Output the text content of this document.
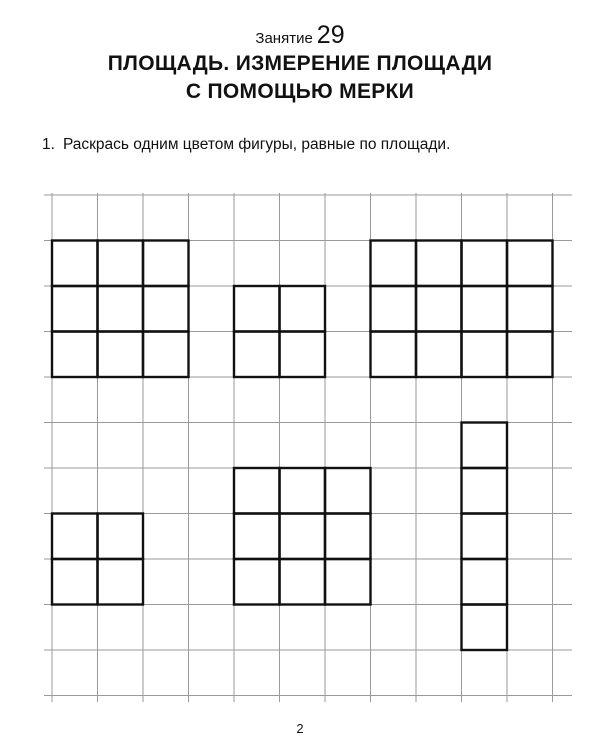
Занятие 29
ПЛОЩАДЬ. ИЗМЕРЕНИЕ ПЛОЩАДИ
С ПОМОЩЬЮ МЕРКИ
1. Раскрась одним цветом фигуры, равные по площади.
2
